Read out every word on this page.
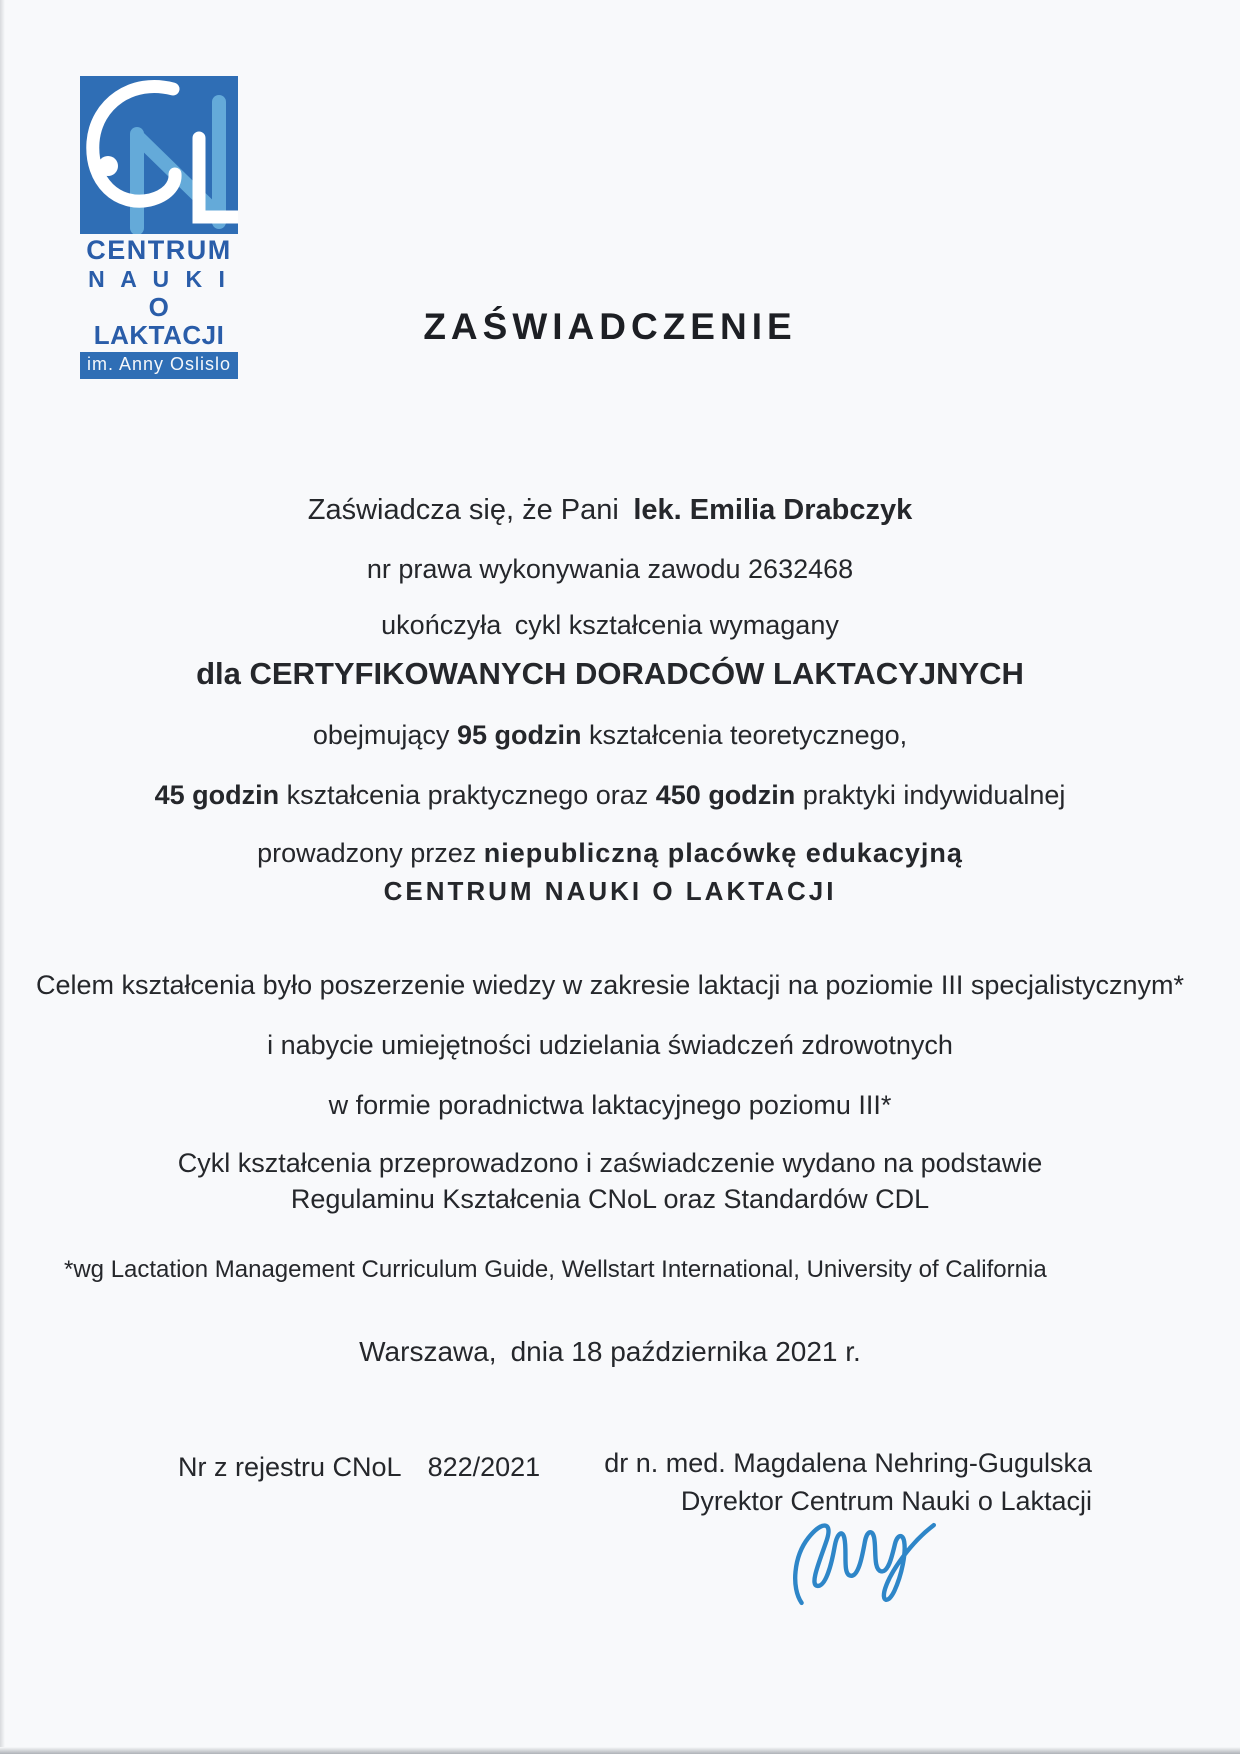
CENTRUM
N A U K I
O LAKTACJI
im. Anny Oslislo
ZAŚWIADCZENIE
Zaświadcza się, że Pani lek. Emilia Drabczyk
nr prawa wykonywania zawodu 2632468
ukończyła cykl kształcenia wymagany
dla CERTYFIKOWANYCH DORADCÓW LAKTACYJNYCH
obejmujący 95 godzin kształcenia teoretycznego,
45 godzin kształcenia praktycznego oraz 450 godzin praktyki indywidualnej
prowadzony przez niepubliczną placówkę edukacyjną
CENTRUM NAUKI O LAKTACJI
Celem kształcenia było poszerzenie wiedzy w zakresie laktacji na poziomie III specjalistycznym*
i nabycie umiejętności udzielania świadczeń zdrowotnych
w formie poradnictwa laktacyjnego poziomu III*
Cykl kształcenia przeprowadzono i zaświadczenie wydano na podstawie
Regulaminu Kształcenia CNoL oraz Standardów CDL
*wg Lactation Management Curriculum Guide, Wellstart International, University of California
Warszawa, dnia 18 października 2021 r.
Nr z rejestru CNoL 822/2021 dr n. med. Magdalena Nehring-Gugulska
Dyrektor Centrum Nauki o Laktacji
